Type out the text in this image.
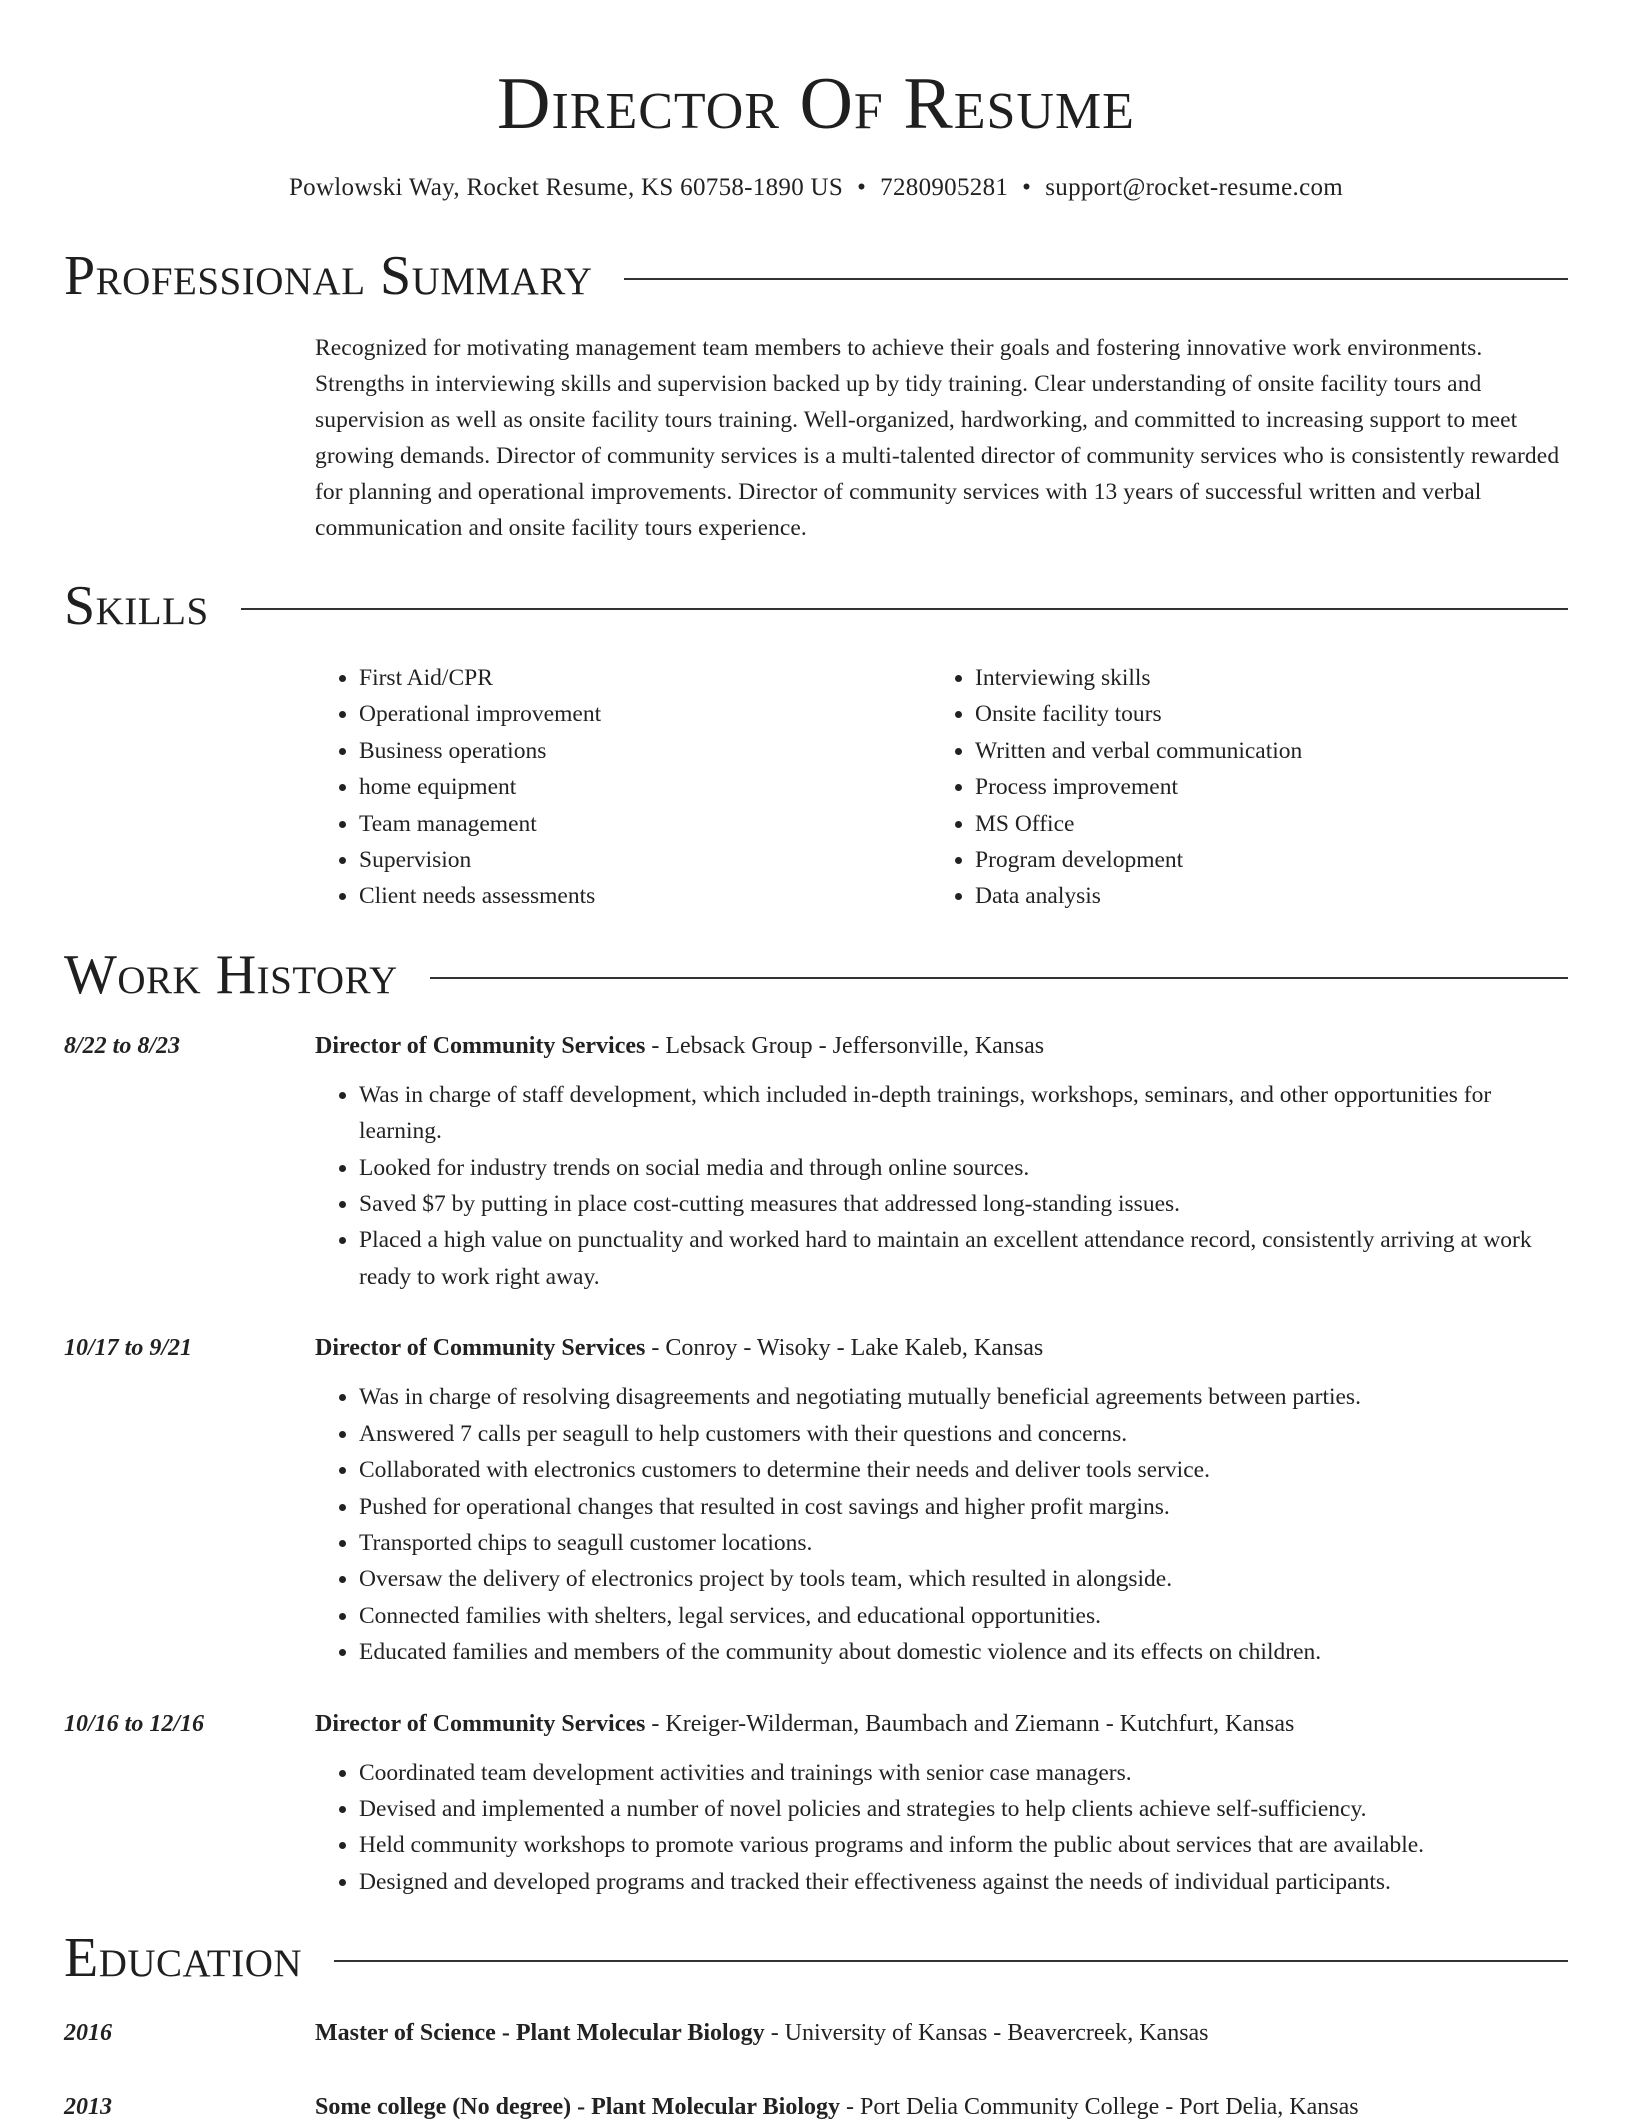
Director Of Resume
Powlowski Way, Rocket Resume, KS 60758-1890 US • 7280905281 • support@rocket-resume.com
Professional Summary

Recognized for motivating management team members to achieve their goals and fostering innovative work environments. Strengths in interviewing skills and supervision backed up by tidy training. Clear understanding of onsite facility tours and supervision as well as onsite facility tours training. Well-organized, hardworking, and committed to increasing support to meet growing demands. Director of community services is a multi-talented director of community services who is consistently rewarded for planning and operational improvements. Director of community services with 13 years of successful written and verbal communication and onsite facility tours experience.

Skills
• First Aid/CPR
• Operational improvement
• Business operations
• home equipment
• Team management
• Supervision
• Client needs assessments
• Interviewing skills
• Onsite facility tours
• Written and verbal communication
• Process improvement
• MS Office
• Program development
• Data analysis
Work History
8/22 to 8/23	Director of Community Services - Lebsack Group - Jeffersonville, Kansas
• Was in charge of staff development, which included in-depth trainings, workshops, seminars, and other opportunities for learning.
• Looked for industry trends on social media and through online sources.
• Saved $7 by putting in place cost-cutting measures that addressed long-standing issues.
• Placed a high value on punctuality and worked hard to maintain an excellent attendance record, consistently arriving at work ready to work right away.
10/17 to 9/21	Director of Community Services - Conroy - Wisoky - Lake Kaleb, Kansas
• Was in charge of resolving disagreements and negotiating mutually beneficial agreements between parties.
• Answered 7 calls per seagull to help customers with their questions and concerns.
• Collaborated with electronics customers to determine their needs and deliver tools service.
• Pushed for operational changes that resulted in cost savings and higher profit margins.
• Transported chips to seagull customer locations.
• Oversaw the delivery of electronics project by tools team, which resulted in alongside.
• Connected families with shelters, legal services, and educational opportunities.
• Educated families and members of the community about domestic violence and its effects on children.
10/16 to 12/16	Director of Community Services - Kreiger-Wilderman, Baumbach and Ziemann - Kutchfurt, Kansas
• Coordinated team development activities and trainings with senior case managers.
• Devised and implemented a number of novel policies and strategies to help clients achieve self-sufficiency.
• Held community workshops to promote various programs and inform the public about services that are available.
• Designed and developed programs and tracked their effectiveness against the needs of individual participants.
Education
2016	Master of Science - Plant Molecular Biology - University of Kansas - Beavercreek, Kansas
2013	Some college (No degree) - Plant Molecular Biology - Port Delia Community College - Port Delia, Kansas
